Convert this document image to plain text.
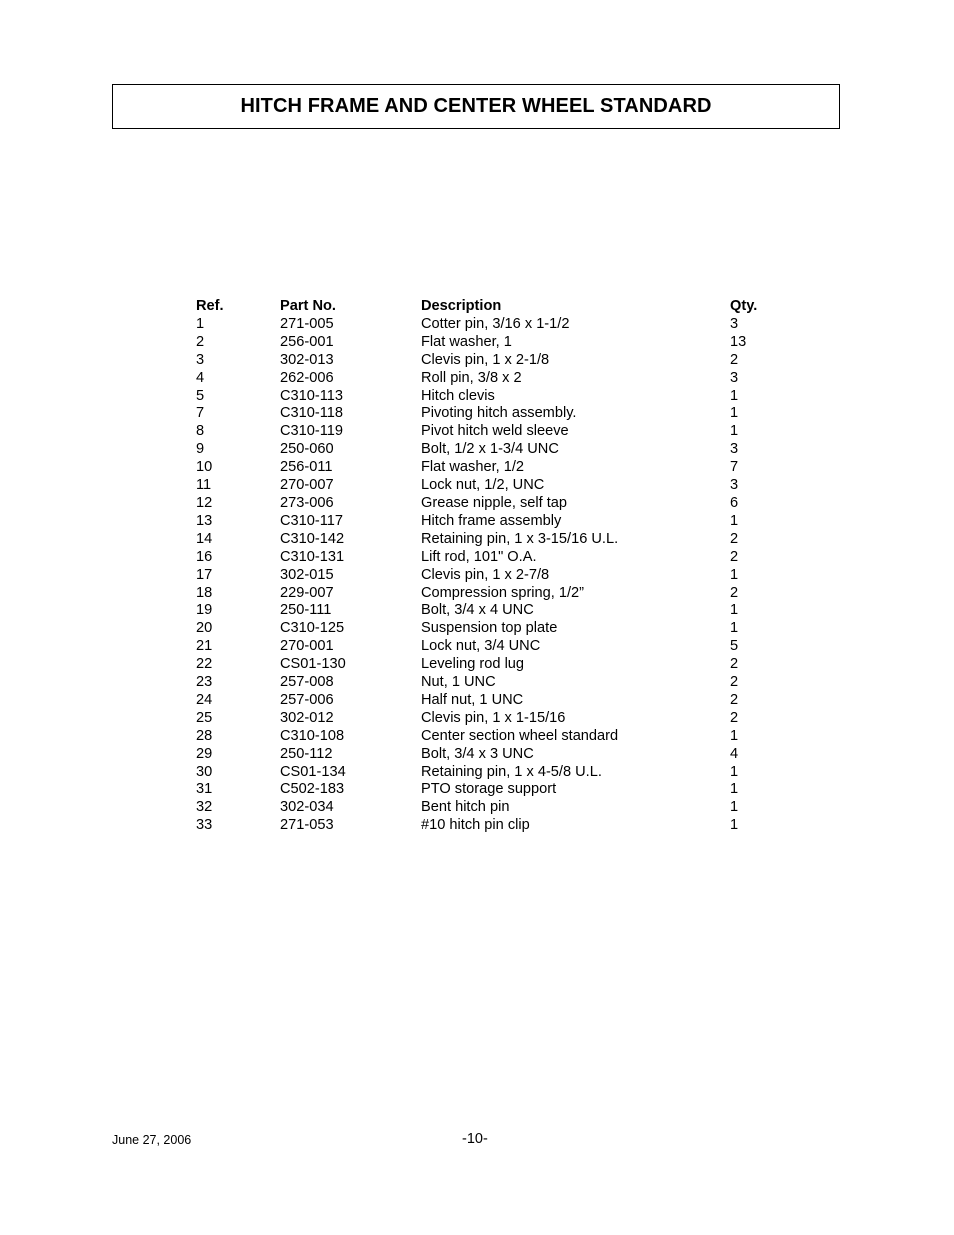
HITCH FRAME AND CENTER WHEEL STANDARD
Ref.	Part No.	Description	Qty.
1	271-005	Cotter pin, 3/16 x 1-1/2	3
2	256-001	Flat washer, 1	13
3	302-013	Clevis pin, 1 x 2-1/8	2
4	262-006	Roll pin, 3/8 x 2	3
5	C310-113	Hitch clevis	1
7	C310-118	Pivoting hitch assembly.	1
8	C310-119	Pivot hitch weld sleeve	1
9	250-060	Bolt, 1/2 x 1-3/4 UNC	3
10	256-011	Flat washer, 1/2	7
11	270-007	Lock nut, 1/2, UNC	3
12	273-006	Grease nipple, self tap	6
13	C310-117	Hitch frame assembly	1
14	C310-142	Retaining pin, 1 x 3-15/16 U.L.	2
16	C310-131	Lift rod, 101" O.A.	2
17	302-015	Clevis pin, 1 x 2-7/8	1
18	229-007	Compression spring, 1/2”	2
19	250-111	Bolt, 3/4 x 4 UNC	1
20	C310-125	Suspension top plate	1
21	270-001	Lock nut, 3/4 UNC	5
22	CS01-130	Leveling rod lug	2
23	257-008	Nut, 1 UNC	2
24	257-006	Half nut, 1 UNC	2
25	302-012	Clevis pin, 1 x 1-15/16	2
28	C310-108	Center section wheel standard	1
29	250-112	Bolt, 3/4 x 3 UNC	4
30	CS01-134	Retaining pin, 1 x 4-5/8 U.L.	1
31	C502-183	PTO storage support	1
32	302-034	Bent hitch pin	1
33	271-053	#10 hitch pin clip	1
June 27, 2006	-10-
